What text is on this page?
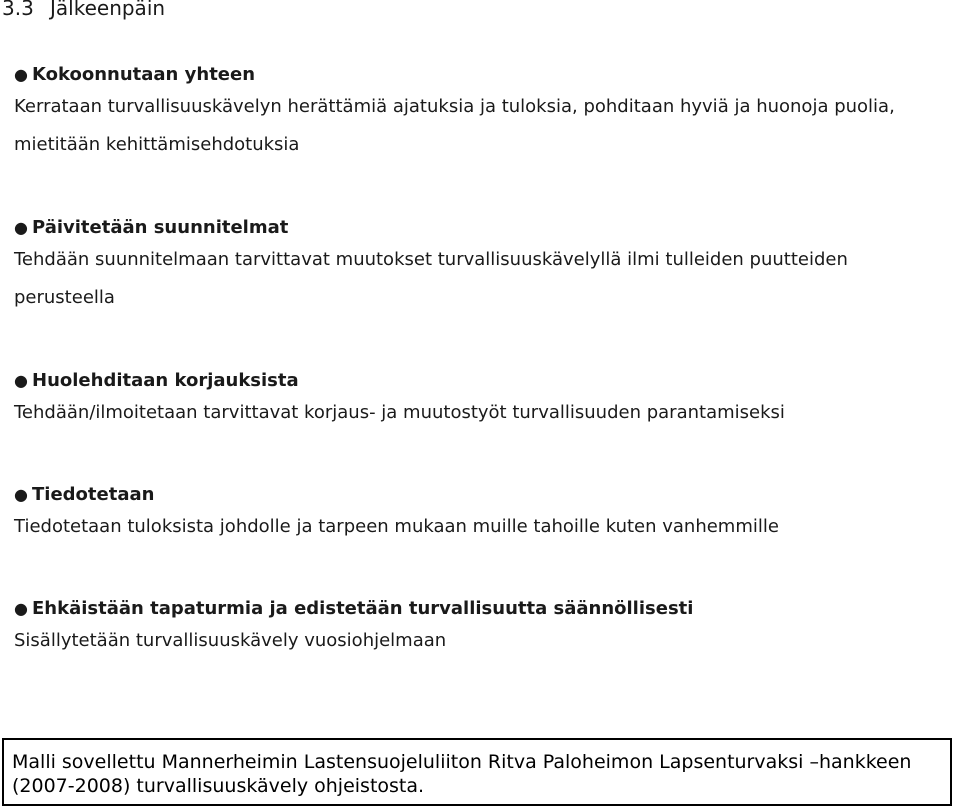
3.3 Jälkeenpäin
● Kokoonnutaan yhteen
Kerrataan turvallisuuskävelyn herättämiä ajatuksia ja tuloksia, pohditaan hyviä ja huonoja puolia, mietitään kehittämisehdotuksia
● Päivitetään suunnitelmat
Tehdään suunnitelmaan tarvittavat muutokset turvallisuuskävelyllä ilmi tulleiden puutteiden perusteella
● Huolehditaan korjauksista
Tehdään/ilmoitetaan tarvittavat korjaus- ja muutostyöt turvallisuuden parantamiseksi
● Tiedotetaan
Tiedotetaan tuloksista johdolle ja tarpeen mukaan muille tahoille kuten vanhemmille
● Ehkäistään tapaturmia ja edistetään turvallisuutta säännöllisesti
Sisällytetään turvallisuuskävely vuosiohjelmaan
Malli sovellettu Mannerheimin Lastensuojeluliiton Ritva Paloheimon Lapsenturvaksi –hankkeen (2007-2008) turvallisuuskävely ohjeistosta.
